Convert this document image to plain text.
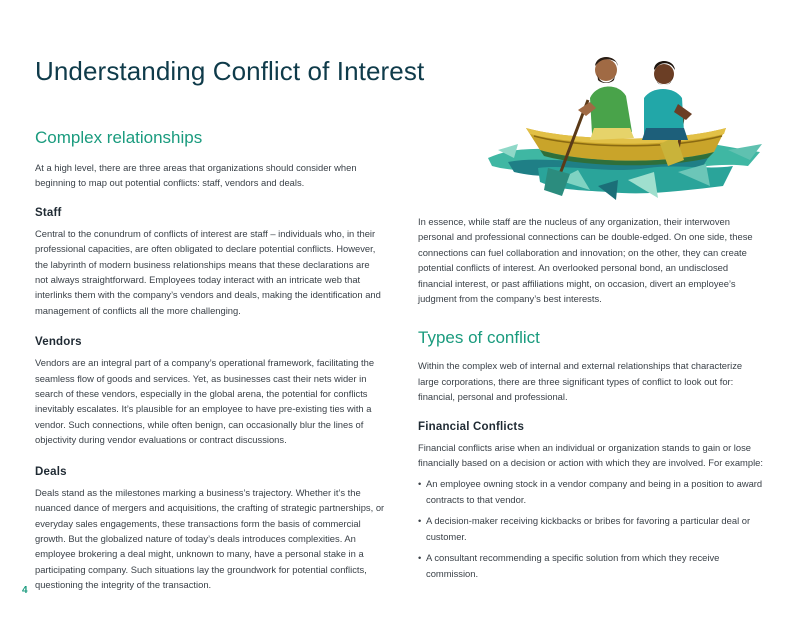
Understanding Conflict of Interest
Complex relationships

At a high level, there are three areas that organizations should consider when beginning to map out potential conflicts: staff, vendors and deals.

Staff

Central to the conundrum of conflicts of interest are staff – individuals who, in their professional capacities, are often obligated to declare potential conflicts. However, the labyrinth of modern business relationships means that these declarations are not always straightforward. Employees today interact with an intricate web that interlinks them with the company’s vendors and deals, making the identification and management of conflicts all the more challenging.

Vendors

Vendors are an integral part of a company’s operational framework, facilitating the seamless flow of goods and services. Yet, as businesses cast their nets wider in search of these vendors, especially in the global arena, the potential for conflicts inevitably escalates. It’s plausible for an employee to have pre-existing ties with a vendor. Such connections, while often benign, can occasionally blur the lines of objectivity during vendor evaluations or contract discussions.

Deals

Deals stand as the milestones marking a business’s trajectory. Whether it’s the nuanced dance of mergers and acquisitions, the crafting of strategic partnerships, or everyday sales engagements, these transactions form the basis of commercial growth. But the globalized nature of today’s deals introduces complexities. An employee brokering a deal might, unknown to many, have a personal stake in a participating company. Such situations lay the groundwork for potential conflicts, questioning the integrity of the transaction.

In essence, while staff are the nucleus of any organization, their interwoven personal and professional connections can be double-edged. On one side, these connections can fuel collaboration and innovation; on the other, they can create potential conflicts of interest. An overlooked personal bond, an undisclosed financial interest, or past affiliations might, on occasion, divert an employee’s judgment from the company’s best interests.

Types of conflict

Within the complex web of internal and external relationships that characterize large corporations, there are three significant types of conflict to look out for: financial, personal and professional.

Financial Conflicts

Financial conflicts arise when an individual or organization stands to gain or lose financially based on a decision or action with which they are involved. For example:

• An employee owning stock in a vendor company and being in a position to award contracts to that vendor.
• A decision-maker receiving kickbacks or bribes for favoring a particular deal or customer.
• A consultant recommending a specific solution from which they receive commission.
4
